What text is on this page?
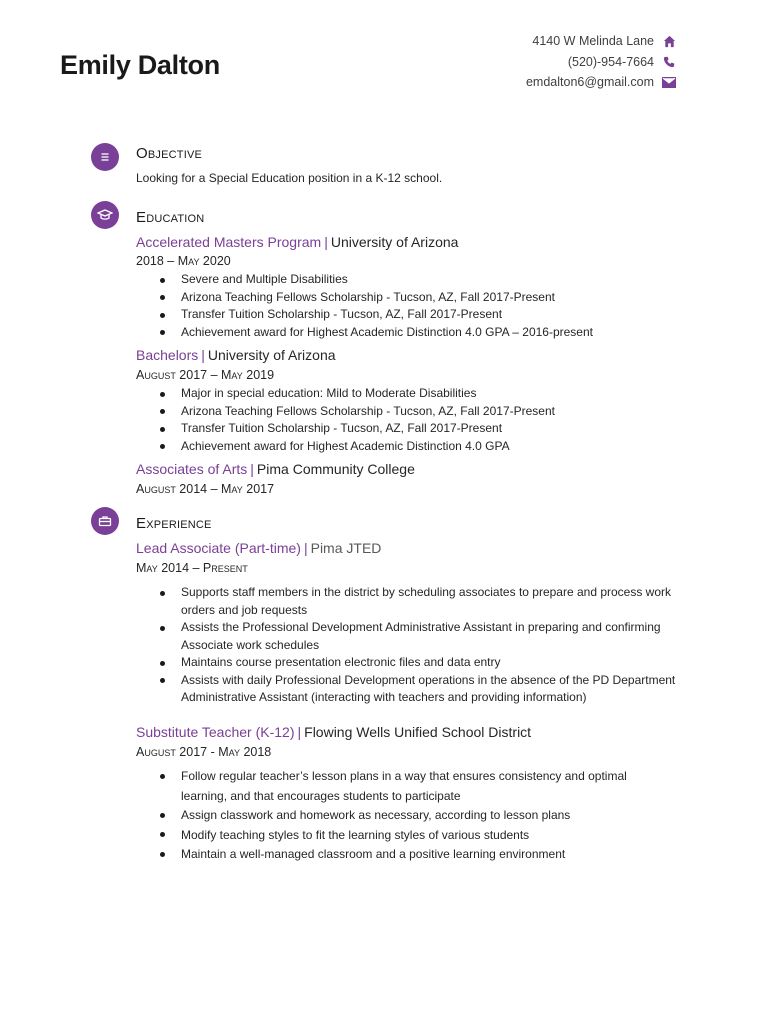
Emily Dalton
4140 W Melinda Lane
(520)-954-7664
emdalton6@gmail.com
Objective
Looking for a Special Education position in a K-12 school.
Education
Accelerated Masters Program | University of Arizona
2018 – May 2020
Severe and Multiple Disabilities
Arizona Teaching Fellows Scholarship - Tucson, AZ, Fall 2017-Present
Transfer Tuition Scholarship - Tucson, AZ, Fall 2017-Present
Achievement award for Highest Academic Distinction 4.0 GPA – 2016-present
Bachelors | University of Arizona
August 2017 – May 2019
Major in special education: Mild to Moderate Disabilities
Arizona Teaching Fellows Scholarship - Tucson, AZ, Fall 2017-Present
Transfer Tuition Scholarship - Tucson, AZ, Fall 2017-Present
Achievement award for Highest Academic Distinction 4.0 GPA
Associates of Arts | Pima Community College
August 2014 – May 2017
Experience
Lead Associate (Part-time) | Pima JTED
May 2014 – Present
Supports staff members in the district by scheduling associates to prepare and process work orders and job requests
Assists the Professional Development Administrative Assistant in preparing and confirming Associate work schedules
Maintains course presentation electronic files and data entry
Assists with daily Professional Development operations in the absence of the PD Department Administrative Assistant (interacting with teachers and providing information)
Substitute Teacher (K-12) | Flowing Wells Unified School District
August 2017 - May 2018
Follow regular teacher’s lesson plans in a way that ensures consistency and optimal learning, and that encourages students to participate
Assign classwork and homework as necessary, according to lesson plans
Modify teaching styles to fit the learning styles of various students
Maintain a well-managed classroom and a positive learning environment
